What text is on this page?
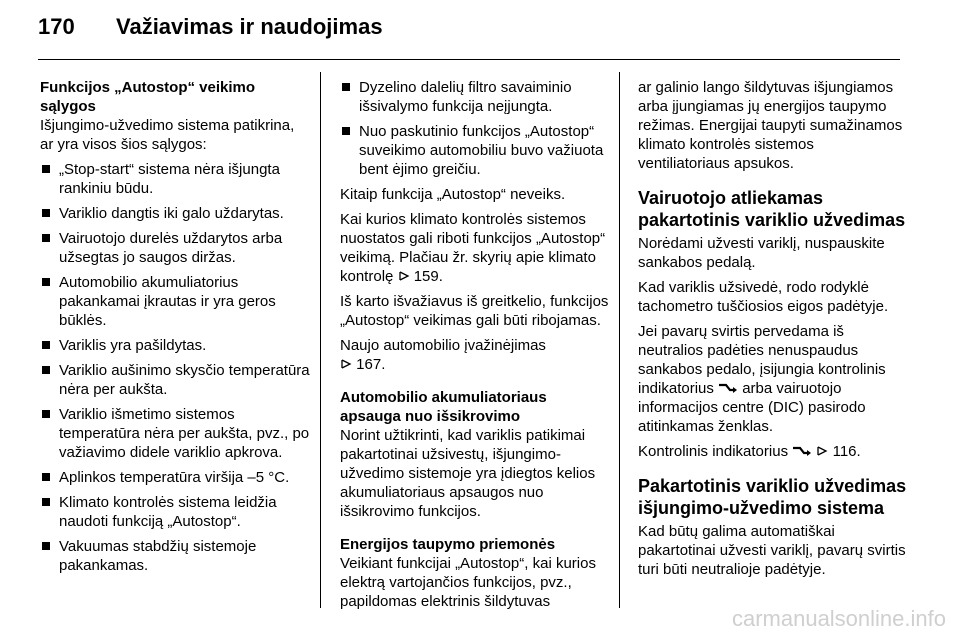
170 Važiavimas ir naudojimas

Funkcijos „Autostop“ veikimo sąlygos

Išjungimo-užvedimo sistema patikrina, ar yra visos šios sąlygos:

„Stop-start“ sistema nėra išjungta rankiniu būdu.
Variklio dangtis iki galo uždarytas.
Vairuotojo durelės uždarytos arba užsegtas jo saugos diržas.
Automobilio akumuliatorius pakankamai įkrautas ir yra geros būklės.
Variklis yra pašildytas.
Variklio aušinimo skysčio temperatūra nėra per aukšta.
Variklio išmetimo sistemos temperatūra nėra per aukšta, pvz., po važiavimo didele variklio apkrova.
Aplinkos temperatūra viršija –5 °C.
Klimato kontrolės sistema leidžia naudoti funkciją „Autostop“.
Vakuumas stabdžių sistemoje pakankamas.
Dyzelino dalelių filtro savaiminio išsivalymo funkcija neįjungta.
Nuo paskutinio funkcijos „Autostop“ suveikimo automobiliu buvo važiuota bent ėjimo greičiu.

Kitaip funkcija „Autostop“ neveiks.

Kai kurios klimato kontrolės sistemos nuostatos gali riboti funkcijos „Autostop“ veikimą. Plačiau žr. skyrių apie klimato kontrolę 159.

Iš karto išvažiavus iš greitkelio, funkcijos „Autostop“ veikimas gali būti ribojamas.

Naujo automobilio įvažinėjimas
167.

Automobilio akumuliatoriaus apsauga nuo išsikrovimo

Norint užtikrinti, kad variklis patikimai pakartotinai užsivestų, išjungimo-užvedimo sistemoje yra įdiegtos kelios akumuliatoriaus apsaugos nuo išsikrovimo funkcijos.

Energijos taupymo priemonės

Veikiant funkcijai „Autostop“, kai kurios elektrą vartojančios funkcijos, pvz., papildomas elektrinis šildytuvas

ar galinio lango šildytuvas išjungiamos arba įjungiamas jų energijos taupymo režimas. Energijai taupyti sumažinamos klimato kontrolės sistemos ventiliatoriaus apsukos.

Vairuotojo atliekamas pakartotinis variklio užvedimas

Norėdami užvesti variklį, nuspauskite sankabos pedalą.

Kad variklis užsivedė, rodo rodyklė tachometro tuščiosios eigos padėtyje.

Jei pavarų svirtis pervedama iš neutralios padėties nenuspaudus sankabos pedalo, įsijungia kontrolinis indikatorius arba vairuotojo informacijos centre (DIC) pasirodo atitinkamas ženklas.

Kontrolinis indikatorius	116.

Pakartotinis variklio užvedimas išjungimo-užvedimo sistema

Kad būtų galima automatiškai pakartotinai užvesti variklį, pavarų svirtis turi būti neutralioje padėtyje.

carmanualsonline.info
